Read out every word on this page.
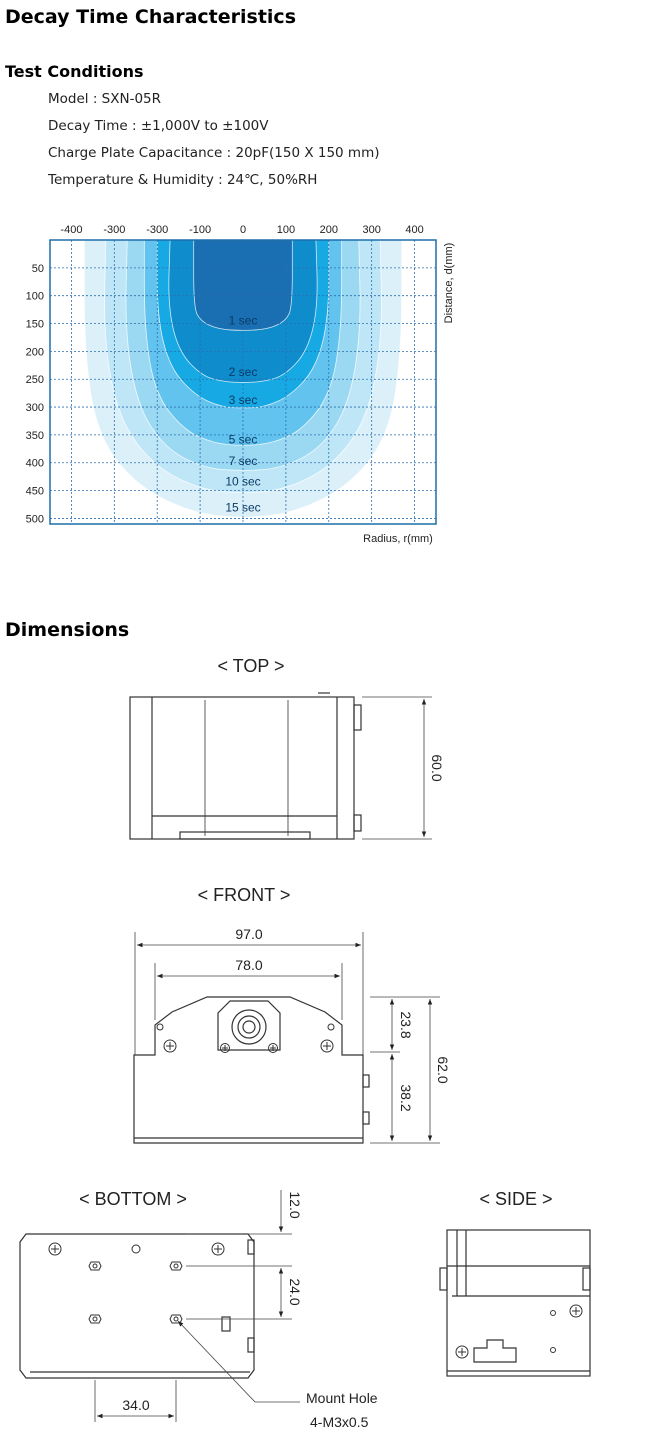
Decay Time Characteristics
Test Conditions
Model : SXN-05R
Decay Time : ±1,000V to ±100V
Charge Plate Capacitance : 20pF(150 X 150 mm)
Temperature & Humidity : 24℃, 50%RH
-400 -300 -300 -100	0	100 200 300 400
50
100
150
200
250
300
350
400
450
500
15 sec
10 sec
7 sec
5 sec
3 sec
2 sec
1 sec
Radius, r(mm)
Distance, d(mm)
Dimensions
< TOP >
60.0
< FRONT >
97.0
78.0
23.8
38.2
62.0
< BOTTOM >	12.0
24.0
34.0	Mount Hole
4-M3x0.5
< SIDE >
